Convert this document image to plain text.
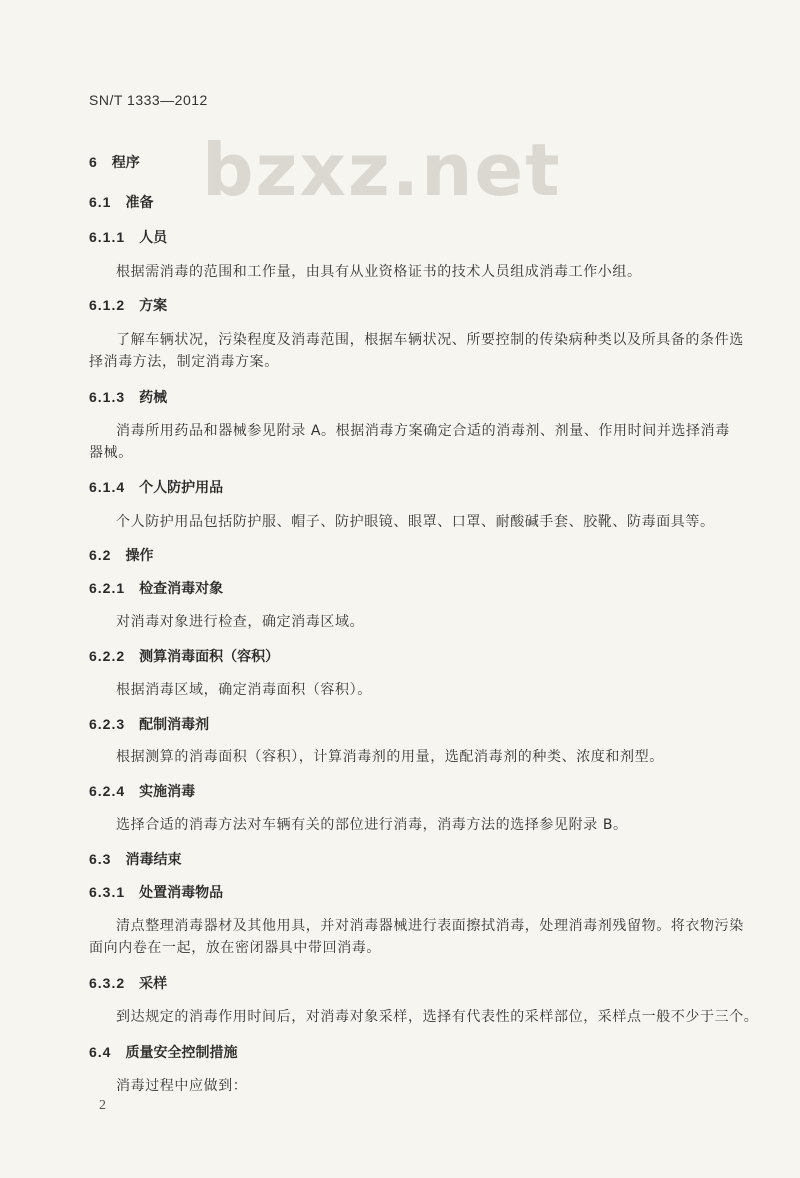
SN/T 1333—2012
bzxz.net
6 程序
6.1 准备
6.1.1 人员
根据需消毒的范围和工作量，由具有从业资格证书的技术人员组成消毒工作小组。
6.1.2 方案
了解车辆状况，污染程度及消毒范围，根据车辆状况、所要控制的传染病种类以及所具备的条件选
择消毒方法，制定消毒方案。
6.1.3 药械
消毒所用药品和器械参见附录 A。根据消毒方案确定合适的消毒剂、剂量、作用时间并选择消毒
器械。
6.1.4 个人防护用品
个人防护用品包括防护服、帽子、防护眼镜、眼罩、口罩、耐酸碱手套、胶靴、防毒面具等。
6.2 操作
6.2.1 检查消毒对象
对消毒对象进行检查，确定消毒区域。
6.2.2 测算消毒面积（容积）
根据消毒区域，确定消毒面积（容积）。
6.2.3 配制消毒剂
根据测算的消毒面积（容积），计算消毒剂的用量，选配消毒剂的种类、浓度和剂型。
6.2.4 实施消毒
选择合适的消毒方法对车辆有关的部位进行消毒，消毒方法的选择参见附录 B。
6.3 消毒结束
6.3.1 处置消毒物品
清点整理消毒器材及其他用具，并对消毒器械进行表面擦拭消毒，处理消毒剂残留物。将衣物污染
面向内卷在一起，放在密闭器具中带回消毒。
6.3.2 采样
到达规定的消毒作用时间后，对消毒对象采样，选择有代表性的采样部位，采样点一般不少于三个。
6.4 质量安全控制措施
消毒过程中应做到：
2
